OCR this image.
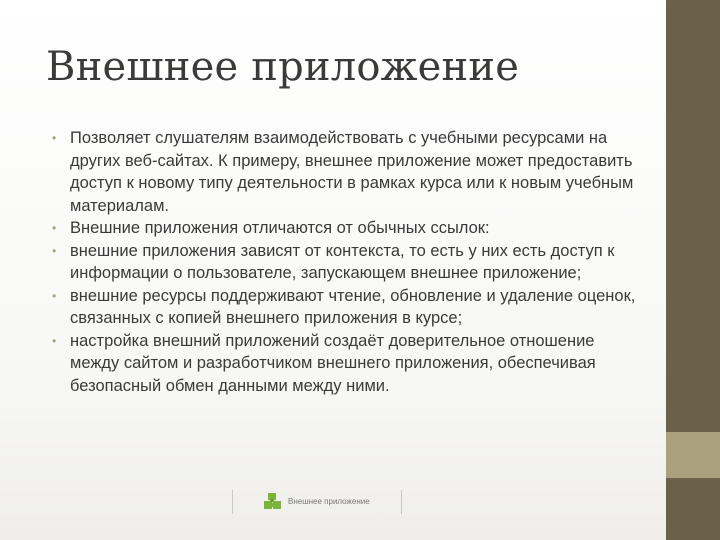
Внешнее приложение
• Позволяет слушателям взаимодействовать с учебными ресурсами на других веб-сайтах. К примеру, внешнее приложение может предоставить доступ к новому типу деятельности в рамках курса или к новым учебным материалам.
• Внешние приложения отличаются от обычных ссылок:
• внешние приложения зависят от контекста, то есть у них есть доступ к информации о пользователе, запускающем внешнее приложение;
• внешние ресурсы поддерживают чтение, обновление и удаление оценок, связанных с копией внешнего приложения в курсе;
• настройка внешний приложений создаёт доверительное отношение между сайтом и разработчиком внешнего приложения, обеспечивая безопасный обмен данными между ними.
Внешнее приложение
